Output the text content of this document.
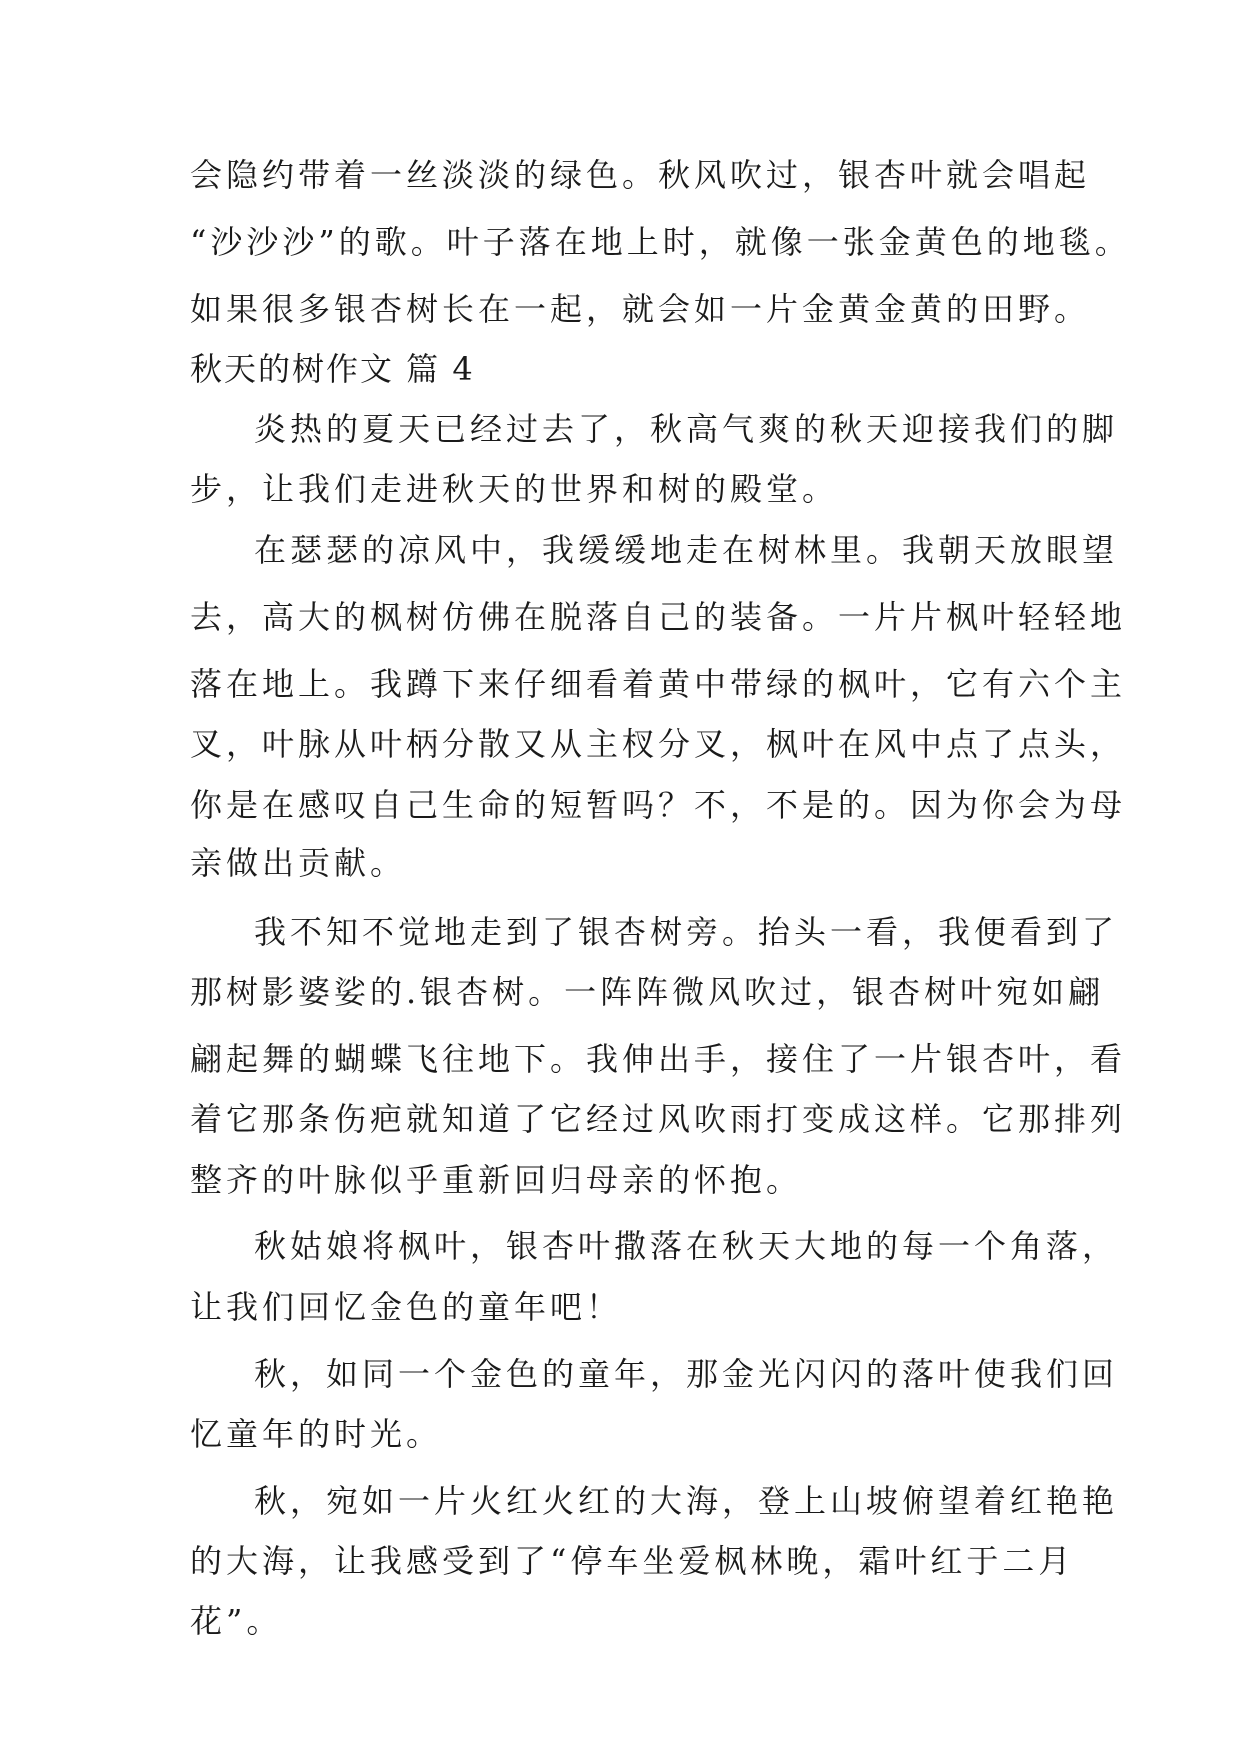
会隐约带着一丝淡淡的绿色。秋风吹过，银杏叶就会唱起
“沙沙沙”的歌。叶子落在地上时，就像一张金黄色的地毯。
如果很多银杏树长在一起，就会如一片金黄金黄的田野。
秋天的树作文 篇 4
炎热的夏天已经过去了，秋高气爽的秋天迎接我们的脚
步，让我们走进秋天的世界和树的殿堂。
在瑟瑟的凉风中，我缓缓地走在树林里。我朝天放眼望
去，高大的枫树仿佛在脱落自己的装备。一片片枫叶轻轻地
落在地上。我蹲下来仔细看着黄中带绿的枫叶，它有六个主
叉，叶脉从叶柄分散又从主杈分叉，枫叶在风中点了点头，
你是在感叹自己生命的短暂吗？不，不是的。因为你会为母
亲做出贡献。
我不知不觉地走到了银杏树旁。抬头一看，我便看到了
那树影婆娑的.银杏树。一阵阵微风吹过，银杏树叶宛如翩
翩起舞的蝴蝶飞往地下。我伸出手，接住了一片银杏叶，看
着它那条伤疤就知道了它经过风吹雨打变成这样。它那排列
整齐的叶脉似乎重新回归母亲的怀抱。
秋姑娘将枫叶，银杏叶撒落在秋天大地的每一个角落，
让我们回忆金色的童年吧！
秋，如同一个金色的童年，那金光闪闪的落叶使我们回
忆童年的时光。
秋，宛如一片火红火红的大海，登上山坡俯望着红艳艳
的大海，让我感受到了“停车坐爱枫林晚，霜叶红于二月
花”。
